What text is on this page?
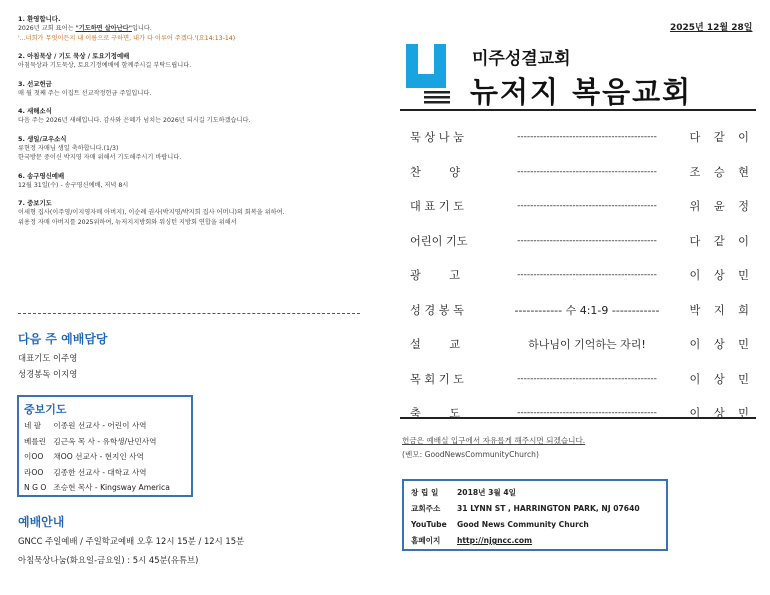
1. 환영합니다.
2026년 교회 표어는 "기도하면 살아난다"입니다.
'...너희가 무엇이든지 내 이름으로 구하면, 내가 다 이루어 주겠다.'(요14:13-14)
2. 아침묵상 / 기도 묵상 / 토요기정예배
아침묵상과 기도묵상, 토요기정예배에 함께주시길 부탁드립니다.
3. 선교헌금
매 월 첫째 주는 이집트 선교작정헌금 주일입니다.
4. 새해소식
다음 주는 2026년 새해입니다. 감사와 은혜가 넘치는 2026년 되시길 기도하겠습니다.
5. 생일/교우소식
류현정 자매님 생일 축하합니다.(1/3)
한국방문 중이신 박지영 자매 위해서 기도해주시기 바랍니다.
6. 송구영신예배
12월 31일(수) - 송구영신예배, 저녁 8시
7. 중보기도
이세형 집사(이주영/이지영자매 아버지), 이순례 권사(박지영/박지희 집사 어머니)의 회복을 위하여.
위용정 자매 아버지를 2025위하여, 뉴저지지방회와 워싱턴 지방회 연합을 위해서
다음 주 예배담당
대표기도 이주영
성경봉독 이지영
중보기도
네 팔 이종원 선교사 - 어린이 사역
베를린 김근옥 목 사 - 유학생/난민사역
이OO 채OO 선교사 - 현지인 사역
라OO 김종한 선교사 - 대학교 사역
N G O 조승현 목사 - Kingsway America
예배안내
GNCC 주일예배 / 주일학교예배 오후 12시 15분 / 12시 15분
아침묵상나눔(화요일-금요일) : 5시 45분(유튜브)
2025년 12월 28일
미주성결교회
뉴저지 복음교회
묵 상 나 눔	-------------------------------------------	다 같 이
찬        양	-------------------------------------------	조 승 현
대 표 기 도	-------------------------------------------	위 윤 정
어린이 기도	-------------------------------------------	다 같 이
광        고	-------------------------------------------	이 상 민
성 경 봉 독	------------ 수 4:1-9 ------------	박 지 희
설        교	하나님이 기억하는 자리!	이 상 민
목 회 기 도	-------------------------------------------	이 상 민
축        도	-------------------------------------------	이 상 민
헌금은 예배실 입구에서 자유롭게 해주시면 되겠습니다.
(벤모: GoodNewsCommunityChurch)
창 립 일 2018년 3월 4일
교회주소 31 LYNN ST , HARRINGTON PARK, NJ 07640
YouTube Good News Community Church
홈페이지 http://njgncc.com
